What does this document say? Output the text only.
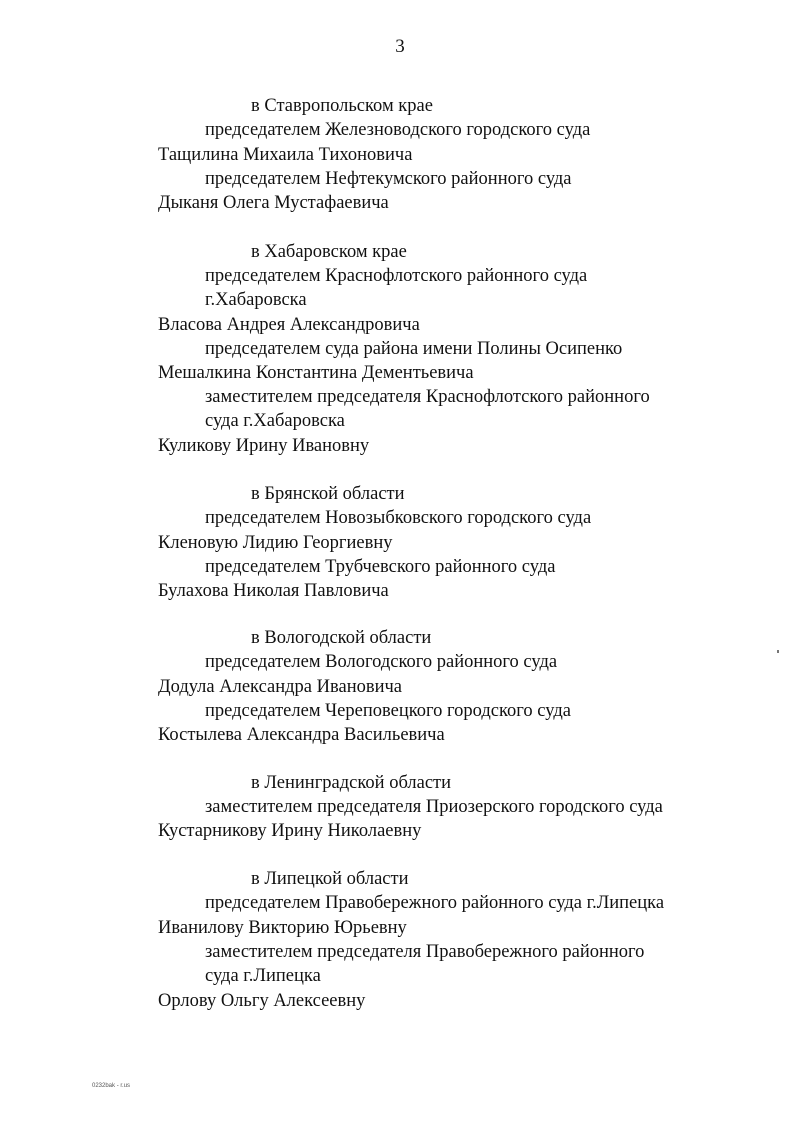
3
в Ставропольском крае
председателем Железноводского городского суда
Тащилина Михаила Тихоновича
председателем Нефтекумского районного суда
Дыканя Олега Мустафаевича
в Хабаровском крае
председателем Краснофлотского районного суда
г.Хабаровска
Власова Андрея Александровича
председателем суда района имени Полины Осипенко
Мешалкина Константина Дементьевича
заместителем председателя Краснофлотского районного
суда г.Хабаровска
Куликову Ирину Ивановну
в Брянской области
председателем Новозыбковского городского суда
Кленовую Лидию Георгиевну
председателем Трубчевского районного суда
Булахова Николая Павловича
в Вологодской области
председателем Вологодского районного суда
Додула Александра Ивановича
председателем Череповецкого городского суда
Костылева Александра Васильевича
в Ленинградской области
заместителем председателя Приозерского городского суда
Кустарникову Ирину Николаевну
в Липецкой области
председателем Правобережного районного суда г.Липецка
Иванилову Викторию Юрьевну
заместителем председателя Правобережного районного
суда г.Липецка
Орлову Ольгу Алексеевну
0232bak - r.us
